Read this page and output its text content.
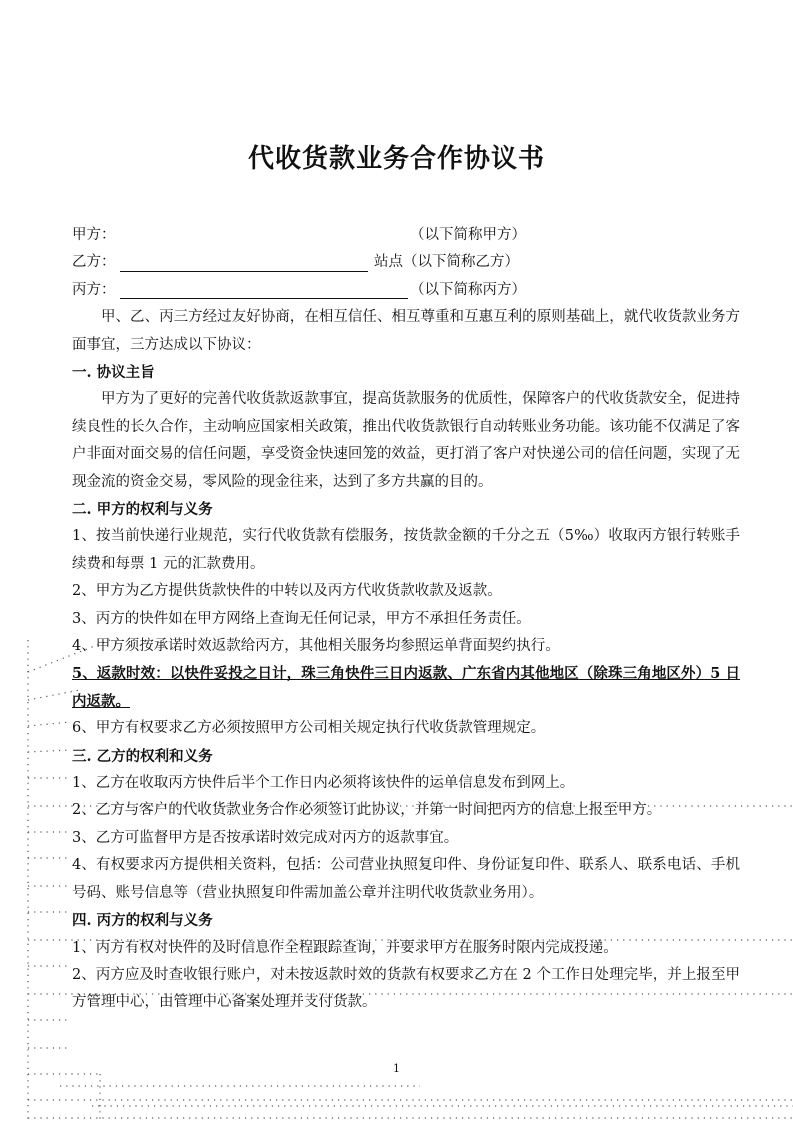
代收货款业务合作协议书
甲方：	（以下简称甲方）
乙方：	站点（以下简称乙方）
丙方：	（以下简称丙方）
甲、乙、丙三方经过友好协商，在相互信任、相互尊重和互惠互利的原则基础上，就代收货款业务方面事宜，三方达成以下协议：
一. 协议主旨
甲方为了更好的完善代收货款返款事宜，提高货款服务的优质性，保障客户的代收货款安全，促进持续良性的长久合作，主动响应国家相关政策，推出代收货款银行自动转账业务功能。该功能不仅满足了客户非面对面交易的信任问题，享受资金快速回笼的效益，更打消了客户对快递公司的信任问题，实现了无现金流的资金交易，零风险的现金往来，达到了多方共赢的目的。
二. 甲方的权利与义务
1、按当前快递行业规范，实行代收货款有偿服务，按货款金额的千分之五（5‰）收取丙方银行转账手续费和每票 1 元的汇款费用。
2、甲方为乙方提供货款快件的中转以及丙方代收货款收款及返款。
3、丙方的快件如在甲方网络上查询无任何记录，甲方不承担任务责任。
4、甲方须按承诺时效返款给丙方，其他相关服务均参照运单背面契约执行。
5、返款时效：以快件妥投之日计，珠三角快件三日内返款、广东省内其他地区（除珠三角地区外）5 日内返款。
6、甲方有权要求乙方必须按照甲方公司相关规定执行代收货款管理规定。
三. 乙方的权利和义务
1、乙方在收取丙方快件后半个工作日内必须将该快件的运单信息发布到网上。
2、乙方与客户的代收货款业务合作必须签订此协议，并第一时间把丙方的信息上报至甲方。
3、乙方可监督甲方是否按承诺时效完成对丙方的返款事宜。
4、有权要求丙方提供相关资料，包括：公司营业执照复印件、身份证复印件、联系人、联系电话、手机号码、账号信息等（营业执照复印件需加盖公章并注明代收货款业务用）。
四. 丙方的权利与义务
1、丙方有权对快件的及时信息作全程跟踪查询，并要求甲方在服务时限内完成投递。
2、丙方应及时查收银行账户，对未按返款时效的货款有权要求乙方在 2 个工作日处理完毕，并上报至甲方管理中心，由管理中心备案处理并支付货款。
1
